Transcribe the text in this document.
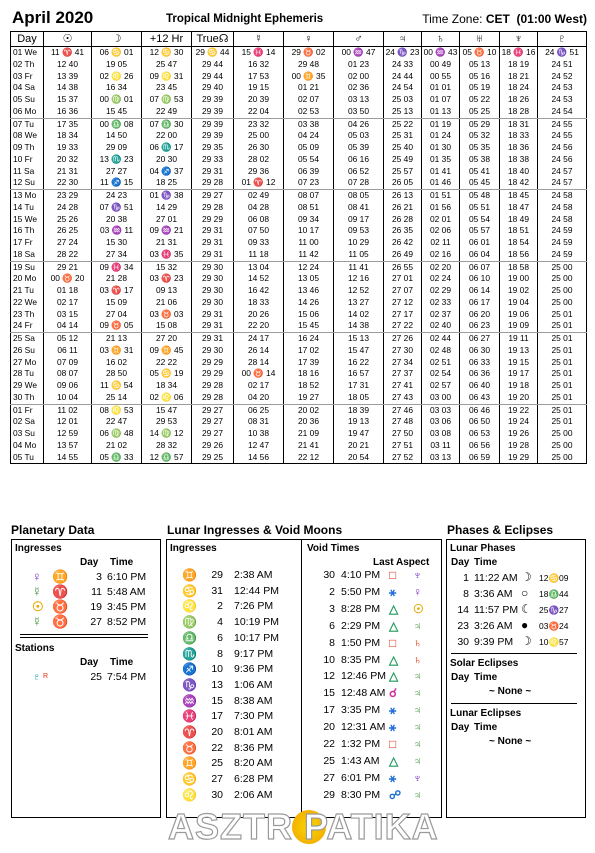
April 2020	Tropical Midnight Ephemeris	Time Zone: CET (01:00 West)
Day	☉	☽	+12 Hr	True☊	☿	♀	♂	♃	♄	♅	♆	♇
01 We	11 ♈ 41	06 ♋ 01	12 ♋ 30	29 ♋ 44	15 ♓ 14	29 ♉ 02	00 ♒ 47	24 ♑ 23	00 ♒ 43	05 ♉ 10	18 ♓ 16	24 ♑ 51
02 Th	12 40	19 05	25 47	29 44	16 32	29 48	01 23	24 33	00 49	05 13	18 19	24 51
03 Fr	13 39	02 ♌ 26	09 ♌ 31	29 44	17 53	00 ♊ 35	02 00	24 44	00 55	05 16	18 21	24 52
04 Sa	14 38	16 34	23 45	29 40	19 15	01 21	02 36	24 54	01 01	05 19	18 24	24 53
05 Su	15 37	00 ♍ 01	07 ♍ 53	29 39	20 39	02 07	03 13	25 03	01 07	05 22	18 26	24 53
06 Mo	16 36	15 45	22 49	29 39	22 04	02 53	03 50	25 13	01 13	05 25	18 28	24 54
07 Tu	17 35	00 ♎ 08	07 ♎ 30	29 39	23 32	03 38	04 26	25 22	01 19	05 29	18 31	24 55
08 We	18 34	14 50	22 00	29 39	25 00	04 24	05 03	25 31	01 24	05 32	18 33	24 55
09 Th	19 33	29 09	06 ♏ 17	29 35	26 30	05 09	05 39	25 40	01 30	05 35	18 36	24 56
10 Fr	20 32	13 ♏ 23	20 30	29 33	28 02	05 54	06 16	25 49	01 35	05 38	18 38	24 56
11 Sa	21 31	27 27	04 ♐ 37	29 31	29 36	06 39	06 52	25 57	01 41	05 41	18 40	24 57
12 Su	22 30	11 ♐ 15	18 25	29 28	01 ♈ 12	07 23	07 28	26 05	01 46	05 45	18 42	24 57
13 Mo	23 29	24 23	01 ♑ 38	29 27	02 49	08 07	08 05	26 13	01 51	05 48	18 45	24 58
14 Tu	24 28	07 ♑ 51	14 29	29 28	04 28	08 51	08 41	26 21	01 56	05 51	18 47	24 58
15 We	25 26	20 38	27 01	29 29	06 08	09 34	09 17	26 28	02 01	05 54	18 49	24 58
16 Th	26 25	03 ♒ 11	09 ♒ 21	29 31	07 50	10 17	09 53	26 35	02 06	05 57	18 51	24 59
17 Fr	27 24	15 30	21 31	29 31	09 33	11 00	10 29	26 42	02 11	06 01	18 54	24 59
18 Sa	28 22	27 34	03 ♓ 35	29 31	11 18	11 42	11 05	26 49	02 16	06 04	18 56	24 59
19 Su	29 21	09 ♓ 34	15 32	29 30	13 04	12 24	11 41	26 55	02 20	06 07	18 58	25 00
20 Mo	00 ♉ 20	21 28	03 ♈ 23	29 30	14 52	13 05	12 16	27 01	02 24	06 10	19 00	25 00
21 Tu	01 18	03 ♈ 17	09 13	29 30	16 42	13 46	12 52	27 07	02 29	06 14	19 02	25 00
22 We	02 17	15 09	21 06	29 30	18 33	14 26	13 27	27 12	02 33	06 17	19 04	25 00
23 Th	03 15	27 04	03 ♉ 03	29 31	20 26	15 06	14 02	27 17	02 37	06 20	19 06	25 01
24 Fr	04 14	09 ♉ 05	15 08	29 31	22 20	15 45	14 38	27 22	02 40	06 23	19 09	25 01
25 Sa	05 12	21 13	27 20	29 31	24 17	16 24	15 13	27 26	02 44	06 27	19 11	25 01
26 Su	06 11	03 ♊ 31	09 ♊ 45	29 30	26 14	17 02	15 47	27 30	02 48	06 30	19 13	25 01
27 Mo	07 09	16 02	22 22	29 29	28 14	17 39	16 22	27 34	02 51	06 33	19 15	25 01
28 Tu	08 07	28 50	05 ♋ 19	29 29	00 ♉ 14	18 16	16 57	27 37	02 54	06 36	19 17	25 01
29 We	09 06	11 ♋ 54	18 34	29 28	02 17	18 52	17 31	27 41	02 57	06 40	19 18	25 01
30 Th	10 04	25 14	02 ♌ 06	29 28	04 20	19 27	18 05	27 43	03 00	06 43	19 20	25 01
01 Fr	11 02	08 ♌ 53	15 47	29 27	06 25	20 02	18 39	27 46	03 03	06 46	19 22	25 01
02 Sa	12 01	22 47	29 53	29 27	08 31	20 36	19 13	27 48	03 06	06 50	19 24	25 01
03 Su	12 59	06 ♍ 48	14 ♍ 12	29 27	10 38	21 09	19 47	27 50	03 08	06 53	19 26	25 00
04 Mo	13 57	21 02	28 32	29 26	12 47	21 41	20 21	27 51	03 11	06 56	19 28	25 00
05 Tu	14 55	05 ♎ 33	12 ♎ 57	29 25	14 56	22 12	20 54	27 52	03 13	06 59	19 29	25 00
Planetary Data
Ingresses
Day Time
♀ ♊	3 6:10 PM
☿ ♈	11 5:48 AM
☉ ♉	19 3:45 PM
☿ ♉	27 8:52 PM
Stations
Day Time
♇ R	25 7:54 PM
Lunar Ingresses & Void Moons
Ingresses	Void Times
Last Aspect
♊	29 2:38 AM
♋	31 12:44 PM
♌	2 7:26 PM
♍	4 10:19 PM
♎	6 10:17 PM
♏	8 9:17 PM
♐	10 9:36 PM
♑	13 1:06 AM
♒	15 8:38 AM
♓	17 7:30 PM
♈	20 8:01 AM
♉	22 8:36 PM
♊	25 8:20 AM
♋	27 6:28 PM
♌	30 2:06 AM
30 4:10 PM □ ♆
2 5:50 PM ⚹ ♀
3 8:28 PM △ ☉
6 2:29 PM △ ♃
8 1:50 PM □ ♄
10 8:35 PM △ ♄
12 12:46 PM △ ♃
15 12:48 AM ☌ ♃
17 3:35 PM ⚹ ♃
20 12:31 AM ⚹ ♃
22 1:32 PM □ ♃
25 1:43 AM △ ♃
27 6:01 PM ⚹ ♆
29 8:30 PM ☍ ♃
Phases & Eclipses
Lunar Phases
Day Time
1 11:22 AM ☽ 12♋09
8 3:36 AM ○ 18♎44
14 11:57 PM ☾ 25♑27
23 3:26 AM ● 03♉24
30 9:39 PM ☽ 10♌57
Solar Eclipses
Day Time
~ None ~
Lunar Eclipses
Day Time
~ None ~
ASZTR PATIKA
